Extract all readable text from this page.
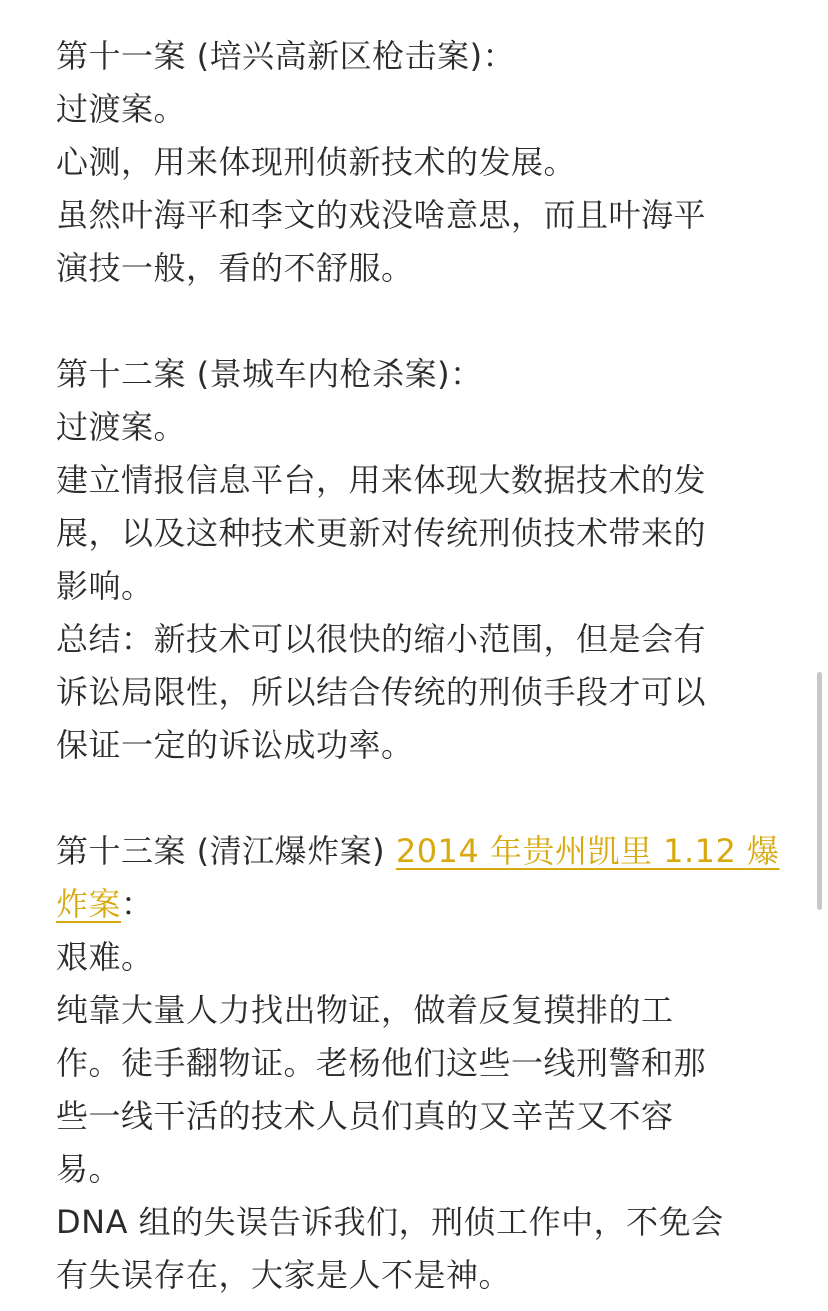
第十一案 (培兴高新区枪击案)：
过渡案。
心测，用来体现刑侦新技术的发展。
虽然叶海平和李文的戏没啥意思，而且叶海平
演技一般，看的不舒服。
第十二案 (景城车内枪杀案)：
过渡案。
建立情报信息平台，用来体现大数据技术的发
展，以及这种技术更新对传统刑侦技术带来的
影响。
总结：新技术可以很快的缩小范围，但是会有
诉讼局限性，所以结合传统的刑侦手段才可以
保证一定的诉讼成功率。
第十三案 (清江爆炸案) 2014 年贵州凯里 1.12 爆
炸案：
艰难。
纯靠大量人力找出物证，做着反复摸排的工
作。徒手翻物证。老杨他们这些一线刑警和那
些一线干活的技术人员们真的又辛苦又不容
易。
DNA 组的失误告诉我们，刑侦工作中，不免会
有失误存在，大家是人不是神。
